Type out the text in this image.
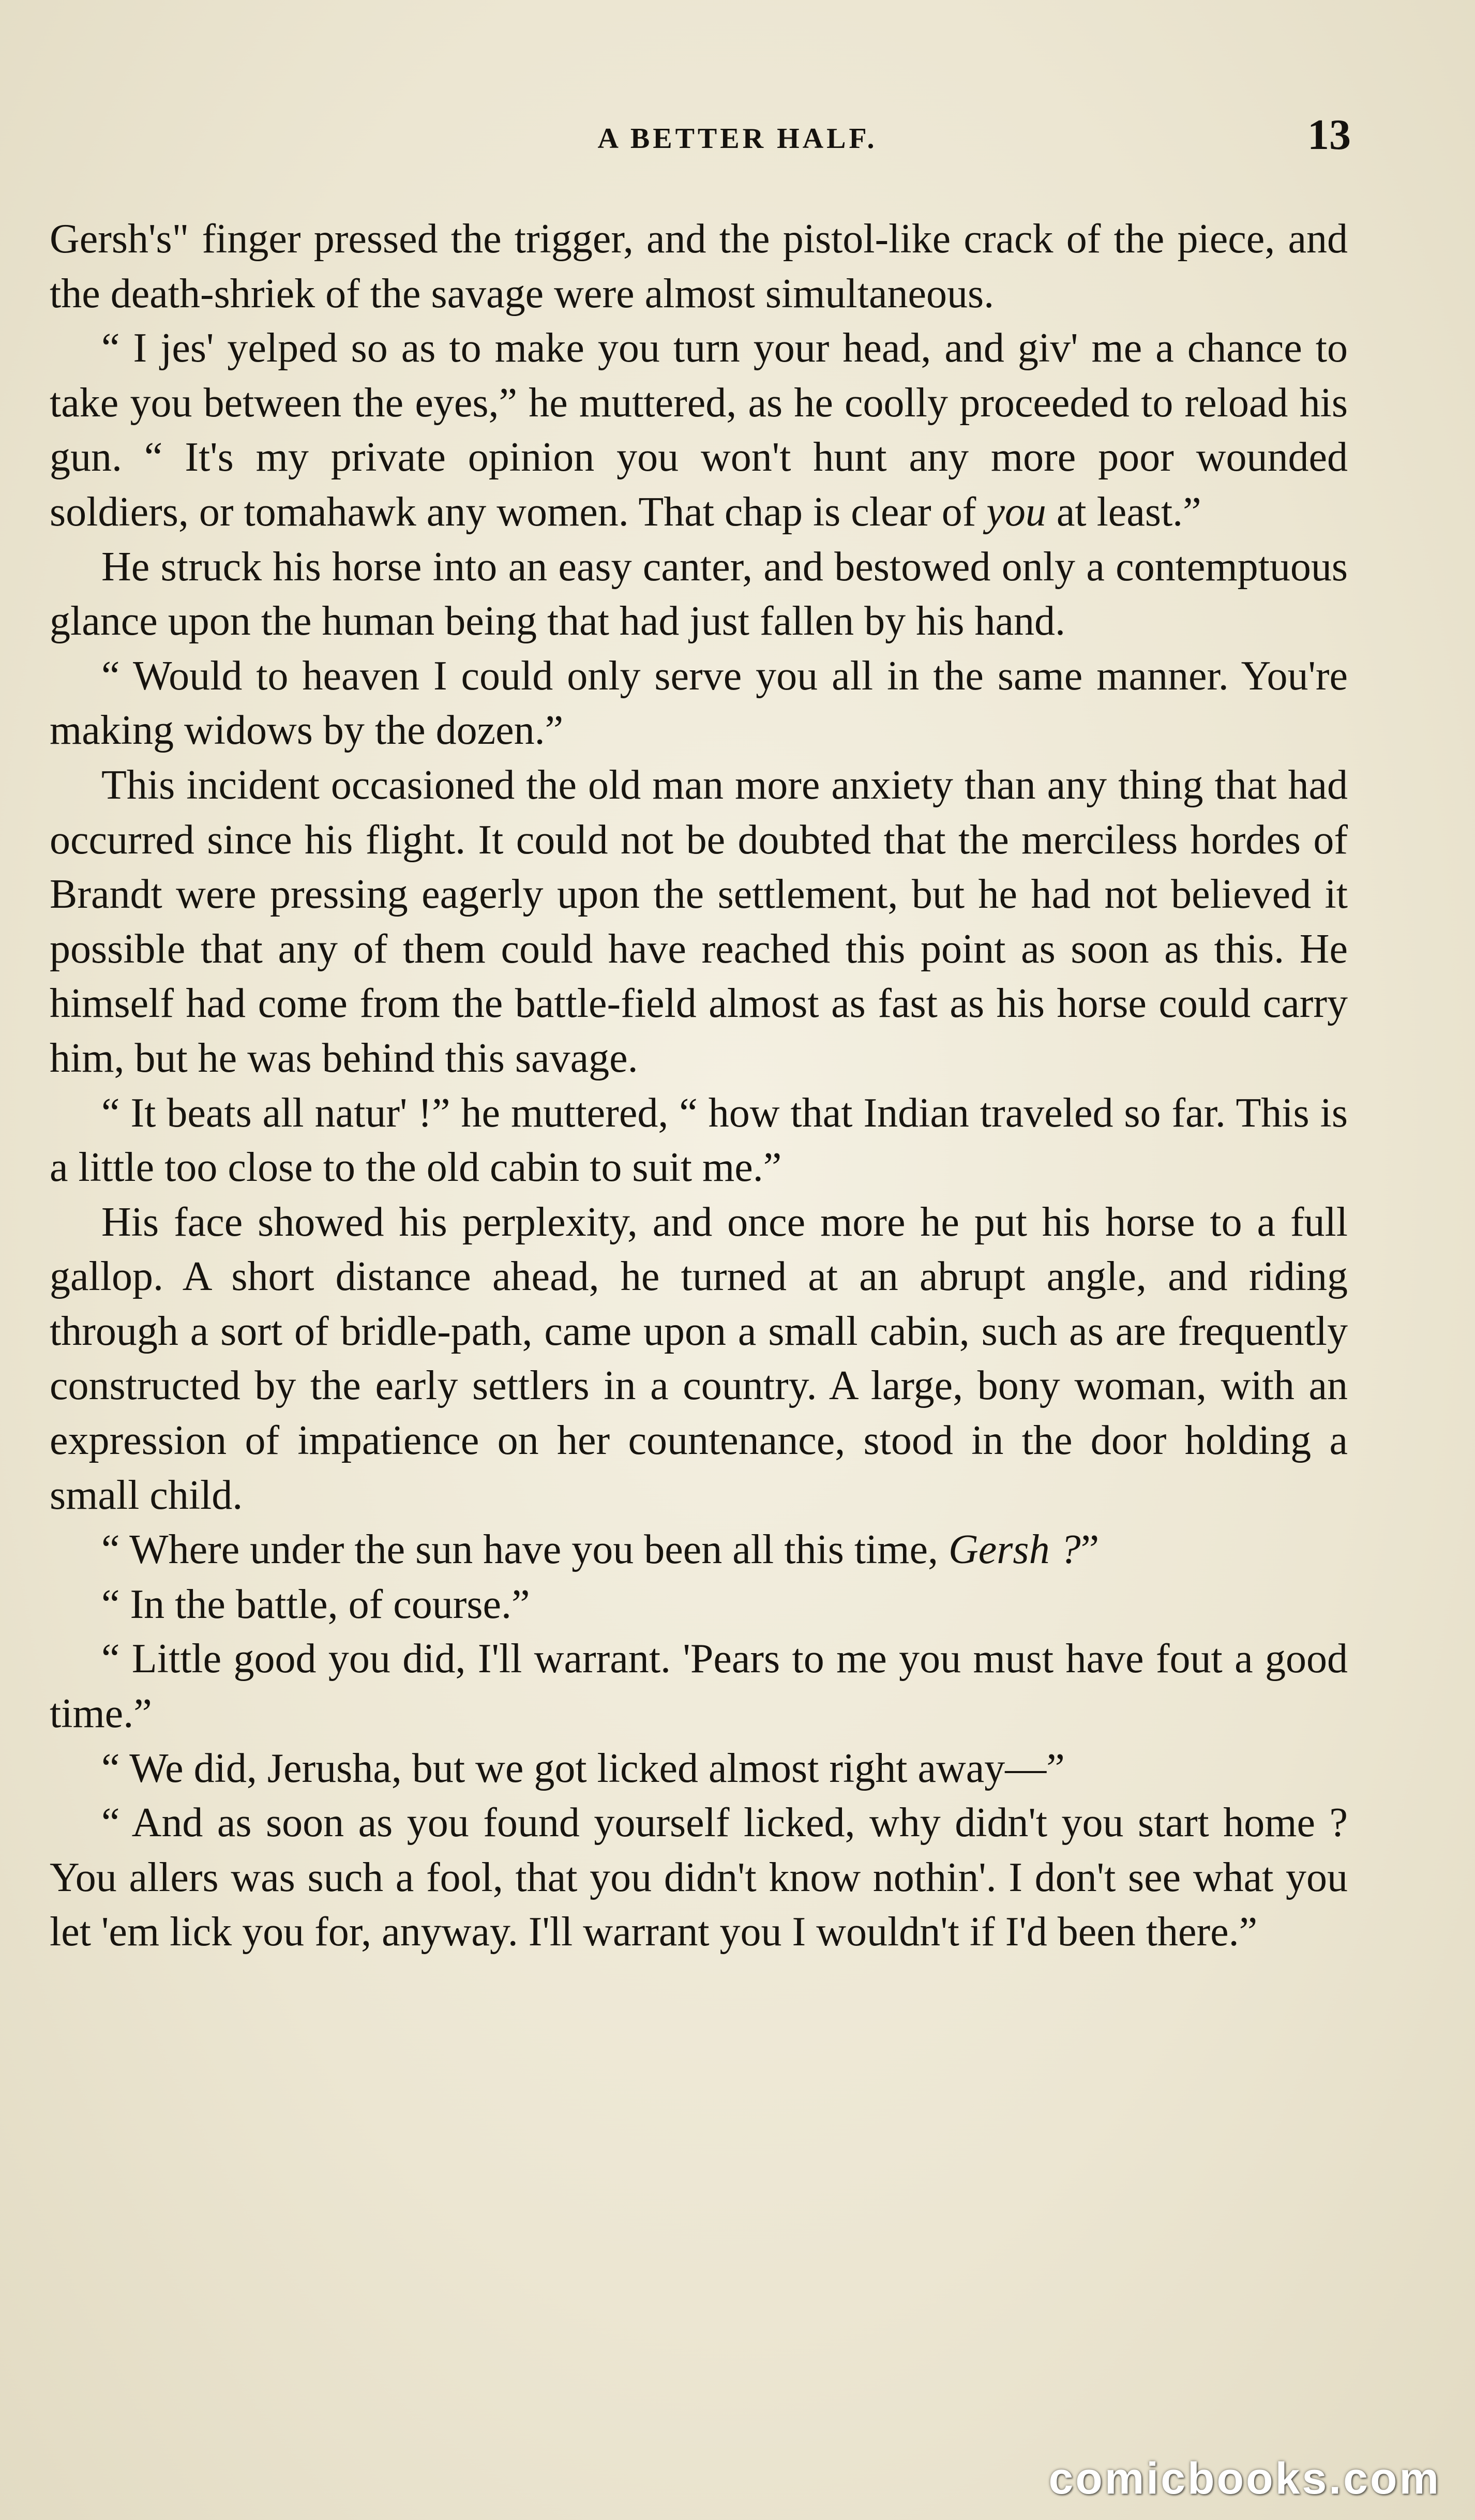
A BETTER HALF.	13

Gersh's" finger pressed the trigger, and the pistol-like crack of the piece, and the death-shriek of the savage were almost simultaneous.

“ I jes' yelped so as to make you turn your head, and giv' me a chance to take you between the eyes,” he muttered, as he coolly proceeded to reload his gun. “ It's my private opinion you won't hunt any more poor wounded soldiers, or tomahawk any women. That chap is clear of you at least.”

He struck his horse into an easy canter, and bestowed only a contemptuous glance upon the human being that had just fallen by his hand.

“ Would to heaven I could only serve you all in the same manner. You're making widows by the dozen.”

This incident occasioned the old man more anxiety than any thing that had occurred since his flight. It could not be doubted that the merciless hordes of Brandt were pressing eagerly upon the settlement, but he had not believed it possible that any of them could have reached this point as soon as this. He himself had come from the battle-field almost as fast as his horse could carry him, but he was behind this savage.

“ It beats all natur' !” he muttered, “ how that Indian traveled so far. This is a little too close to the old cabin to suit me.”

His face showed his perplexity, and once more he put his horse to a full gallop. A short distance ahead, he turned at an abrupt angle, and riding through a sort of bridle-path, came upon a small cabin, such as are frequently constructed by the early settlers in a country. A large, bony woman, with an expression of impatience on her countenance, stood in the door holding a small child.

“ Where under the sun have you been all this time, Gersh ?”

“ In the battle, of course.”

“ Little good you did, I'll warrant. 'Pears to me you must have fout a good time.”

“ We did, Jerusha, but we got licked almost right away—”

“ And as soon as you found yourself licked, why didn't you start home ? You allers was such a fool, that you didn't know nothin'. I don't see what you let 'em lick you for, anyway. I'll warrant you I wouldn't if I'd been there.”

comicbooks.com
